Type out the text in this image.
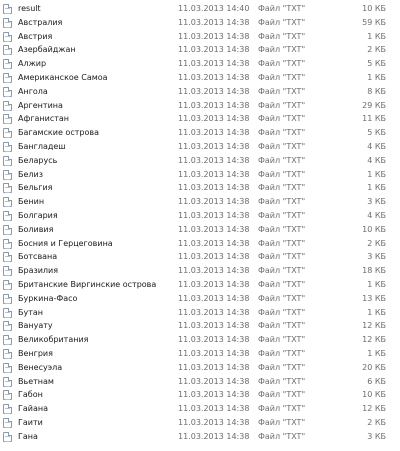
result	11.03.2013 14:40 Файл "TXT"	10 КБ
Австралия	11.03.2013 14:38 Файл "TXT"	59 КБ
Австрия	11.03.2013 14:38 Файл "TXT"	1 КБ
Азербайджан	11.03.2013 14:38 Файл "TXT"	2 КБ
Алжир	11.03.2013 14:38 Файл "TXT"	5 КБ
Американское Самоа	11.03.2013 14:38 Файл "TXT"	1 КБ
Ангола	11.03.2013 14:38 Файл "TXT"	8 КБ
Аргентина	11.03.2013 14:38 Файл "TXT"	29 КБ
Афганистан	11.03.2013 14:38 Файл "TXT"	11 КБ
Багамские острова	11.03.2013 14:38 Файл "TXT"	5 КБ
Бангладеш	11.03.2013 14:38 Файл "TXT"	4 КБ
Беларусь	11.03.2013 14:38 Файл "TXT"	4 КБ
Белиз	11.03.2013 14:38 Файл "TXT"	1 КБ
Бельгия	11.03.2013 14:38 Файл "TXT"	1 КБ
Бенин	11.03.2013 14:38 Файл "TXT"	3 КБ
Болгария	11.03.2013 14:38 Файл "TXT"	4 КБ
Боливия	11.03.2013 14:38 Файл "TXT"	10 КБ
Босния и Герцеговина	11.03.2013 14:38 Файл "TXT"	2 КБ
Ботсвана	11.03.2013 14:38 Файл "TXT"	3 КБ
Бразилия	11.03.2013 14:38 Файл "TXT"	18 КБ
Британские Виргинские острова	11.03.2013 14:38 Файл "TXT"	1 КБ
Буркина-Фасо	11.03.2013 14:38 Файл "TXT"	13 КБ
Бутан	11.03.2013 14:38 Файл "TXT"	1 КБ
Вануату	11.03.2013 14:38 Файл "TXT"	12 КБ
Великобритания	11.03.2013 14:38 Файл "TXT"	12 КБ
Венгрия	11.03.2013 14:38 Файл "TXT"	1 КБ
Венесуэла	11.03.2013 14:38 Файл "TXT"	20 КБ
Вьетнам	11.03.2013 14:38 Файл "TXT"	6 КБ
Габон	11.03.2013 14:38 Файл "TXT"	10 КБ
Гайана	11.03.2013 14:38 Файл "TXT"	12 КБ
Гаити	11.03.2013 14:38 Файл "TXT"	2 КБ
Гана	11.03.2013 14:38 Файл "TXT"	3 КБ
